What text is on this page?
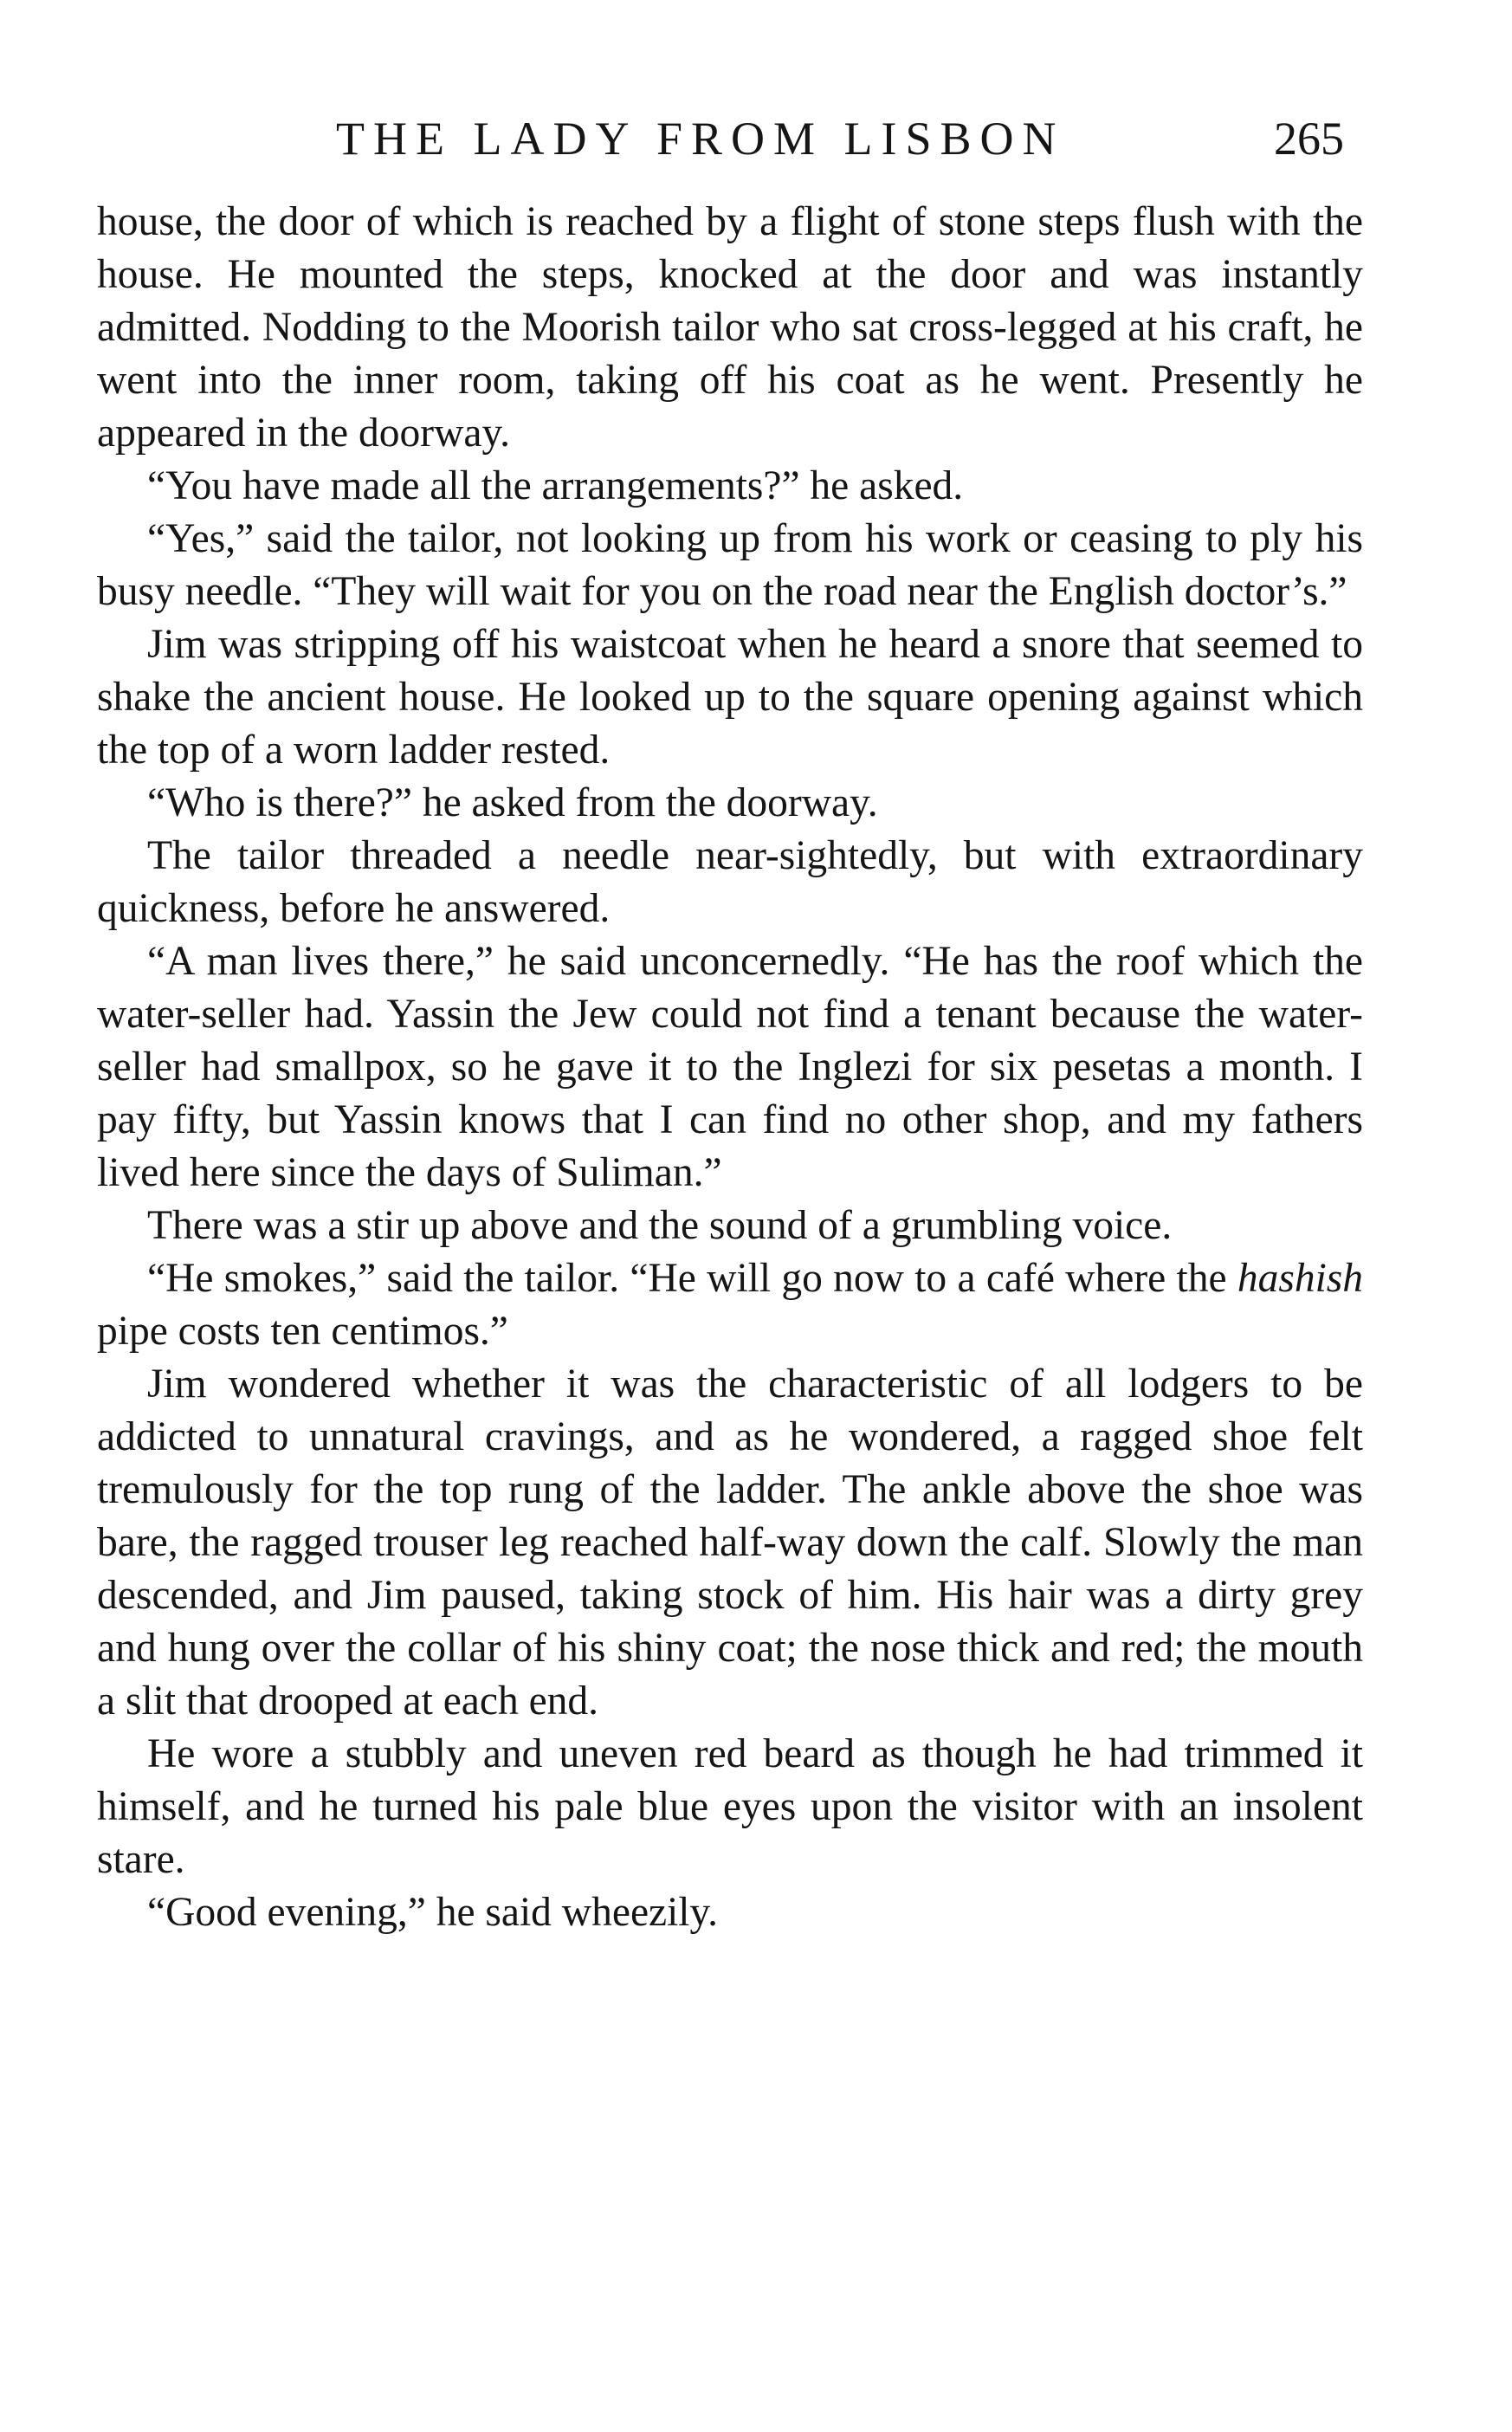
THE LADY FROM LISBON	265

house, the door of which is reached by a flight of stone steps flush with the house. He mounted the steps, knocked at the door and was instantly admitted. Nodding to the Moorish tailor who sat cross-legged at his craft, he went into the inner room, taking off his coat as he went. Presently he appeared in the doorway.

“You have made all the arrangements?” he asked.

“Yes,” said the tailor, not looking up from his work or ceasing to ply his busy needle. “They will wait for you on the road near the English doctor’s.”

Jim was stripping off his waistcoat when he heard a snore that seemed to shake the ancient house. He looked up to the square opening against which the top of a worn ladder rested.

“Who is there?” he asked from the doorway.

The tailor threaded a needle near-sightedly, but with extraordinary quickness, before he answered.

“A man lives there,” he said unconcernedly. “He has the roof which the water-seller had. Yassin the Jew could not find a tenant because the water-seller had smallpox, so he gave it to the Inglezi for six pesetas a month. I pay fifty, but Yassin knows that I can find no other shop, and my fathers lived here since the days of Suliman.”

There was a stir up above and the sound of a grumbling voice.

“He smokes,” said the tailor. “He will go now to a café where the hashish pipe costs ten centimos.”

Jim wondered whether it was the characteristic of all lodgers to be addicted to unnatural cravings, and as he wondered, a ragged shoe felt tremulously for the top rung of the ladder. The ankle above the shoe was bare, the ragged trouser leg reached half-way down the calf. Slowly the man descended, and Jim paused, taking stock of him. His hair was a dirty grey and hung over the collar of his shiny coat; the nose thick and red; the mouth a slit that drooped at each end.

He wore a stubbly and uneven red beard as though he had trimmed it himself, and he turned his pale blue eyes upon the visitor with an insolent stare.

“Good evening,” he said wheezily.
